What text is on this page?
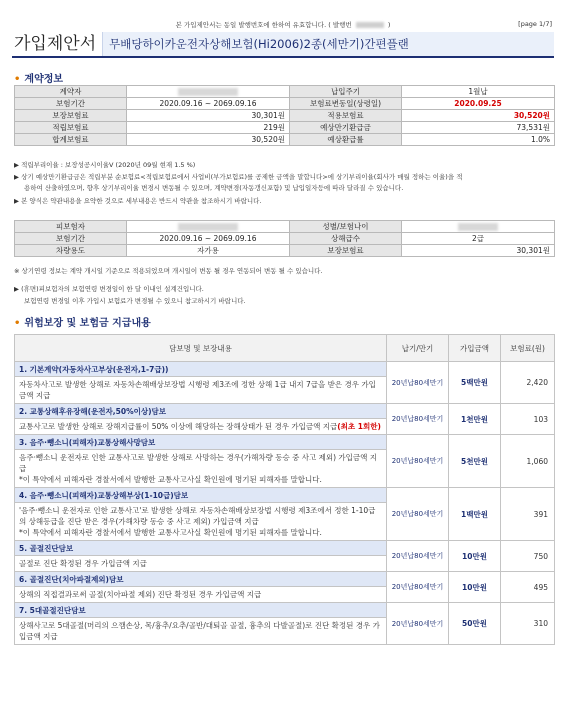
본 가입제안서는 동일 발행번호에 한하여 유효합니다. ( 발행번	)	[page 1/7]
가입제안서	무배당하이카운전자상해보험(Hi2006)2종(세만기)간편플랜
• 계약정보
계약자		납입주기	1월납
보험기간	2020.09.16 ~ 2069.09.16	보험료변동일(상령일)	2020.09.25
보장보험료	30,301원	적용보험료	30,520원
적립보험료	219원	예상만기환급금	73,531원
합계보험료	30,520원	예상환급률	1.0%
▶ 적립부리이율 : 보장성공시이율Ⅴ (2020년 09월 현재 1.5 %)
▶ 상기 예상만기환급금은 적립부분 순보험료<적립보험료에서 사업비(부가보험료)를 공제한 금액을 말합니다>에 상기부리이율(회사가 매월 정하는 이율)을 적
용하여 산출하였으며, 향후 상기부리이율 변경시 변동될 수 있으며, 계약변경(자동갱신포함) 및 납입일자등에 따라 달라질 수 있습니다.
▶ 본 양식은 약관내용을 요약한 것으로 세부내용은 반드시 약관을 참조하시기 바랍니다.
피보험자		성별/보험나이	
보험기간	2020.09.16 ~ 2069.09.16	상해급수	2급
차량용도	자가용	보장보험료	30,301원
※ 상기연령 정보는 계약 개시일 기준으로 적용되었으며 개시일이 변동 될 경우 연동되어 변동 될 수 있습니다.
▶ (휴면)피보험자의 보험연령 변경일이 한 달 이내인 설계건입니다.
보험연령 변경일 이후 가입시 보험료가 변경될 수 있으니 참고하시기 바랍니다.
• 위험보장 및 보험금 지급내용
담보명 및 보장내용	납기/만기	가입금액	보험료(원)
1. 기본계약(자동차사고부상(운전자,1-7급))	20년납80세만기	5백만원	2,420
자동차사고로 발생한 상해로 자동차손해배상보장법 시행령 제3조에 정한 상해 1급 내지 7급을 받은 경우 가입금액 지급			
2. 교통상해후유장해(운전자,50%이상)담보	20년납80세만기	1천만원	103
교통사고로 발생한 상해로 장해지급률이 50% 이상에 해당하는 장해상태가 된 경우 가입금액 지급(최초 1회한)			
3. 음주·뺑소니(피해자)교통상해사망담보	20년납80세만기	5천만원	1,060
음주·뺑소니 운전자로 인한 교통사고로 발생한 상해로 사망하는 경우(가해차량 동승 중 사고 제외) 가입금액 지급
*이 특약에서 피해자란 경찰서에서 발행한 교통사고사실 확인원에 명기된 피해자를 말합니다.			
4. 음주·뺑소니(피해자)교통상해부상(1-10급)담보	20년납80세만기	1백만원	391
'음주·뺑소니 운전자로 인한 교통사고'로 발생한 상해로 자동차손해배상보장법 시행령 제3조에서 정한 1-10급의 상해등급을 진단 받은 경우(가해차량 동승 중 사고 제외) 가입금액 지급
*이 특약에서 피해자란 경찰서에서 발행한 교통사고사실 확인원에 명기된 피해자를 말합니다.			
5. 골절진단담보	20년납80세만기	10만원	750
골절로 진단 확정된 경우 가입금액 지급			
6. 골절진단(치아파절제외)담보	20년납80세만기	10만원	495
상해의 직접결과로써 골절(치아파절 제외) 진단 확정된 경우 가입금액 지급			
7. 5대골절진단담보	20년납80세만기	50만원	310
상해사고로 5대골절(머리의 으깸손상, 목/흉추/요추/골반/대퇴골 골절, 흉추의 다발골절)로 진단 확정된 경우 가입금액 지급			
